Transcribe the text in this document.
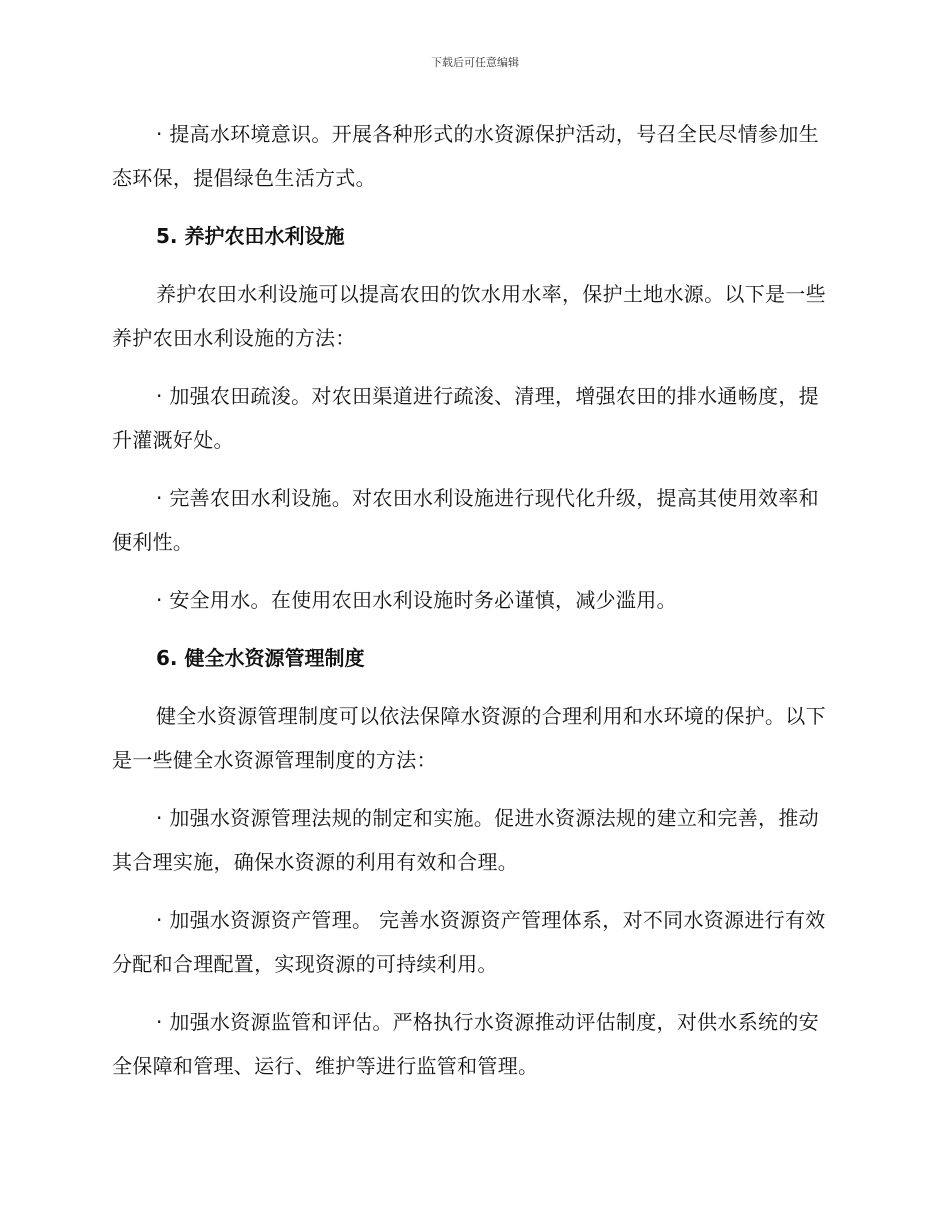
下载后可任意编辑

· 提高水环境意识。开展各种形式的水资源保护活动，号召全民尽情参加生态环保，提倡绿色生活方式。

5. 养护农田水利设施

养护农田水利设施可以提高农田的饮水用水率，保护土地水源。以下是一些养护农田水利设施的方法：

· 加强农田疏浚。对农田渠道进行疏浚、清理，增强农田的排水通畅度，提升灌溉好处。

· 完善农田水利设施。对农田水利设施进行现代化升级，提高其使用效率和便利性。

· 安全用水。在使用农田水利设施时务必谨慎，减少滥用。

6. 健全水资源管理制度

健全水资源管理制度可以依法保障水资源的合理利用和水环境的保护。以下是一些健全水资源管理制度的方法：

· 加强水资源管理法规的制定和实施。促进水资源法规的建立和完善，推动其合理实施，确保水资源的利用有效和合理。

· 加强水资源资产管理。 完善水资源资产管理体系，对不同水资源进行有效分配和合理配置，实现资源的可持续利用。

· 加强水资源监管和评估。严格执行水资源推动评估制度，对供水系统的安全保障和管理、运行、维护等进行监管和管理。
